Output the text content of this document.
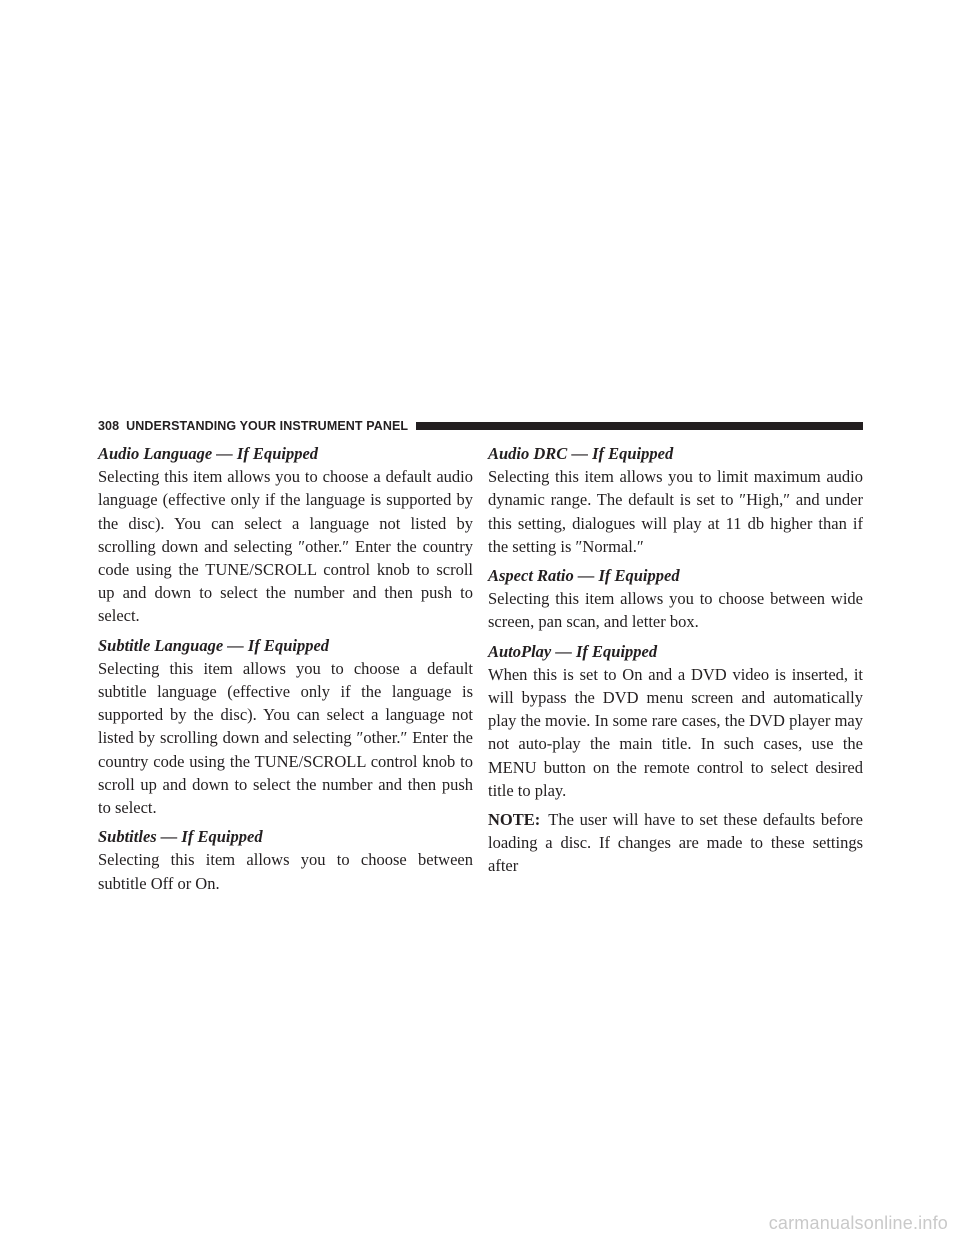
308 UNDERSTANDING YOUR INSTRUMENT PANEL
Audio Language — If Equipped
Selecting this item allows you to choose a default audio language (effective only if the language is supported by the disc). You can select a language not listed by scrolling down and selecting ″other.″ Enter the country code using the TUNE/SCROLL control knob to scroll up and down to select the number and then push to select.
Subtitle Language — If Equipped
Selecting this item allows you to choose a default subtitle language (effective only if the language is supported by the disc). You can select a language not listed by scrolling down and selecting ″other.″ Enter the country code using the TUNE/SCROLL control knob to scroll up and down to select the number and then push to select.
Subtitles — If Equipped
Selecting this item allows you to choose between subtitle Off or On.
Audio DRC — If Equipped
Selecting this item allows you to limit maximum audio dynamic range. The default is set to ″High,″ and under this setting, dialogues will play at 11 db higher than if the setting is ″Normal.″
Aspect Ratio — If Equipped
Selecting this item allows you to choose between wide screen, pan scan, and letter box.
AutoPlay — If Equipped
When this is set to On and a DVD video is inserted, it will bypass the DVD menu screen and automatically play the movie. In some rare cases, the DVD player may not auto-play the main title. In such cases, use the MENU button on the remote control to select desired title to play.
NOTE: The user will have to set these defaults before loading a disc. If changes are made to these settings after
carmanualsonline.info
